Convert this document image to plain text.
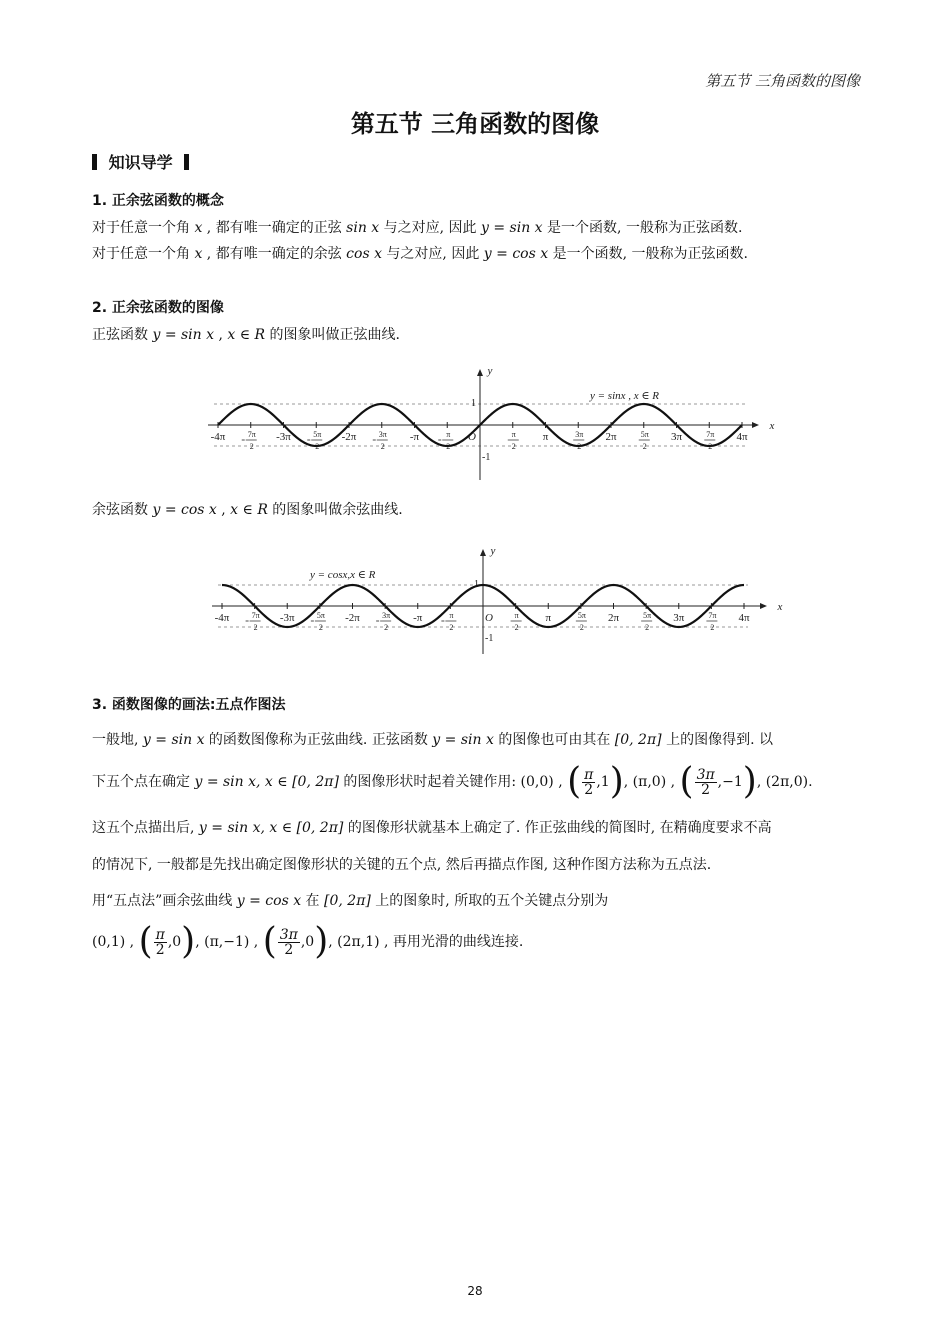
第五节 三角函数的图像
第五节 三角函数的图像
知识导学
1. 正余弦函数的概念
对于任意一个角 x , 都有唯一确定的正弦 sin x 与之对应, 因此 y = sin x 是一个函数, 一般称为正弦函数.
对于任意一个角 x , 都有唯一确定的余弦 cos x 与之对应, 因此 y = cos x 是一个函数, 一般称为正弦函数.
2. 正余弦函数的图像
正弦函数 y = sin x , x ∈ R 的图象叫做正弦曲线.
x
y
1
-1
O
-4π	7π
2
-3π	5π
2
-2π	3π
2
-π	π
2
π
2
π	3π
2
2π	5π
2
3π	7π
2
4π
y = sinx , x ∈ R
余弦函数 y = cos x , x ∈ R 的图象叫做余弦曲线.
x
y
1
-1
O
-4π	7π
2
-3π	5π
2
-2π	3π
2
-π	π
2
π
2
π	5π
2
2π	5π
2
3π	7π
2
4π
y = cosx,x ∈ R
3. 函数图像的画法:五点作图法
一般地, y = sin x 的函数图像称为正弦曲线. 正弦函数 y = sin x 的图像也可由其在 [0, 2π] 上的图像得到. 以
下五个点在确定 y = sin x, x ∈ [0, 2π] 的图像形状时起着关键作用: (0,0) , ( $\frac{\pi}{2} ,1$), (π,0) , ( $\frac{3\pi}{2} ,-1$), (2π,0).
这五个点描出后, y = sin x, x ∈ [0, 2π] 的图像形状就基本上确定了. 作正弦曲线的简图时, 在精确度要求不高
的情况下, 一般都是先找出确定图像形状的关键的五个点, 然后再描点作图, 这种作图方法称为五点法.
用“五点法”画余弦曲线 y = cos x 在 [0, 2π] 上的图象时, 所取的五个关键点分别为
(0,1) , ( $\frac{\pi}{2} ,0$), (π,−1) , ( $\frac{3\pi}{2} ,0$), (2π,1) , 再用光滑的曲线连接.
28
